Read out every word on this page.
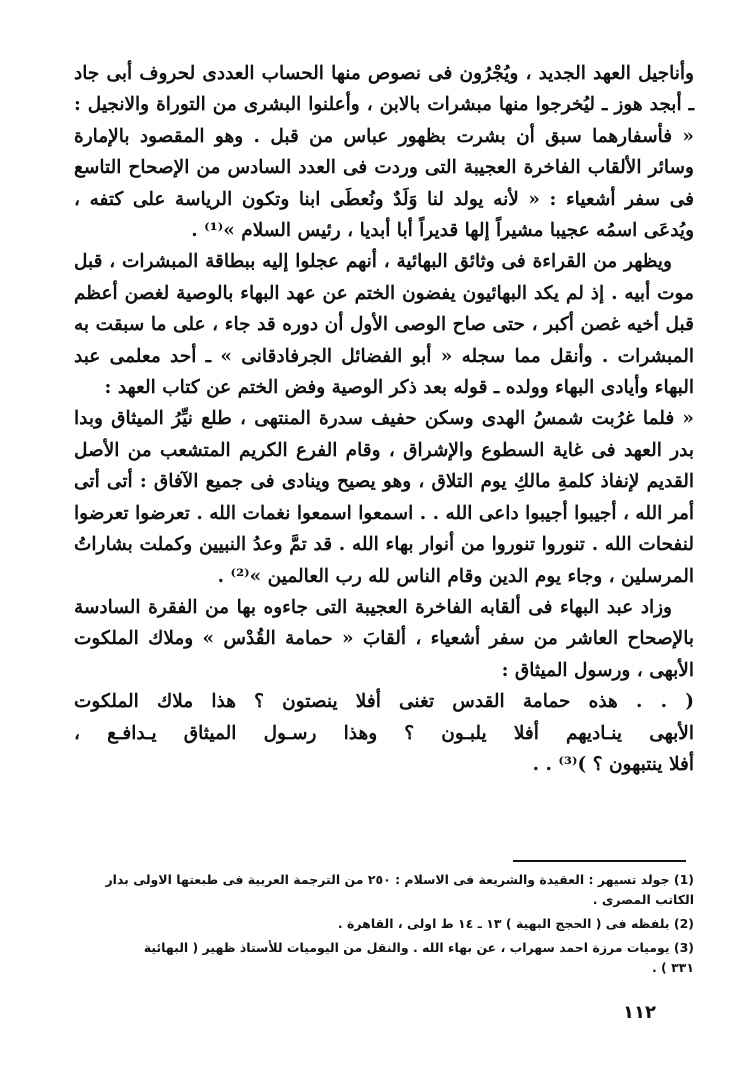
وأناجيل العهد الجديد ، ويُجْرُون فى نصوص منها الحساب العددى لحروف أبى جاد ـ أبجد هوز ـ ليُخرجوا منها مبشرات بالابن ، وأعلنوا البشرى من التوراة والانجيل : « فأسفارهما سبق أن بشرت بظهور عباس من قبل . وهو المقصود بالإمارة وسائر الألقاب الفاخرة العجيبة التى وردت فى العدد السادس من الإصحاح التاسع فى سفر أشعياء : « لأنه يولد لنا وَلَدٌ ونُعطَى ابنا وتكون الرياسة على كتفه ، ويُدعَى اسمُه عجيبا مشيراً إلها قديراً أبا أبديا ، رئيس السلام »⁽¹⁾ .

ويظهر من القراءة فى وثائق البهائية ، أنهم عجلوا إليه ببطاقة المبشرات ، قبل موت أبيه . إذ لم يكد البهائيون يفضون الختم عن عهد البهاء بالوصية لغصن أعظم قبل أخيه غصن أكبر ، حتى صاح الوصى الأول أن دوره قد جاء ، على ما سبقت به المبشرات . وأنقل مما سجله « أبو الفضائل الجرفادقانى » ـ أحد معلمى عبد البهاء وأيادى البهاء وولده ـ قوله بعد ذكر الوصية وفض الختم عن كتاب العهد :

« فلما غرُبت شمسُ الهدى وسكن حفيف سدرة المنتهى ، طلع نيِّرُ الميثاق وبدا بدر العهد فى غاية السطوع والإشراق ، وقام الفرع الكريم المتشعب من الأصل القديم لإنفاذ كلمةِ مالكِ يوم التلاق ، وهو يصيح وينادى فى جميع الآفاق : أتى أتى أمر الله ، أجيبوا أجيبوا داعى الله . . اسمعوا اسمعوا نغمات الله . تعرضوا تعرضوا لنفحات الله . تنوروا تنوروا من أنوار بهاء الله . قد تمَّ وعدُ النبيين وكملت بشاراتُ المرسلين ، وجاء يوم الدين وقام الناس لله رب العالمين »⁽²⁾ .

وزاد عبد البهاء فى ألقابه الفاخرة العجيبة التى جاءوه بها من الفقرة السادسة بالإصحاح العاشر من سفر أشعياء ، ألقابَ « حمامة القُدْس » وملاك الملكوت الأبهى ، ورسول الميثاق :

( . . هذه حمامة القدس تغنى أفلا ينصتون ؟ هذا ملاك الملكوت
الأبهى ينـاديهم أفلا يلبـون ؟ وهذا رسـول الميثاق يـدافـع ،
أفلا ينتبهون ؟ )⁽³⁾ . .

(1) جولد تسيهر : العقيدة والشريعة فى الاسلام : ٢٥٠ من الترجمة العربية فى طبعتها الاولى بدار
الكاتب المصرى .

(2) بلفظه فى ( الحجج البهية ) ١٣ ـ ١٤ ط اولى ، القاهرة .

(3) يوميات مرزة احمد سهراب ، عن بهاء الله . والنقل من اليوميات للأستاذ ظهير ( البهائية
٣٣١ ) .

١١٢
